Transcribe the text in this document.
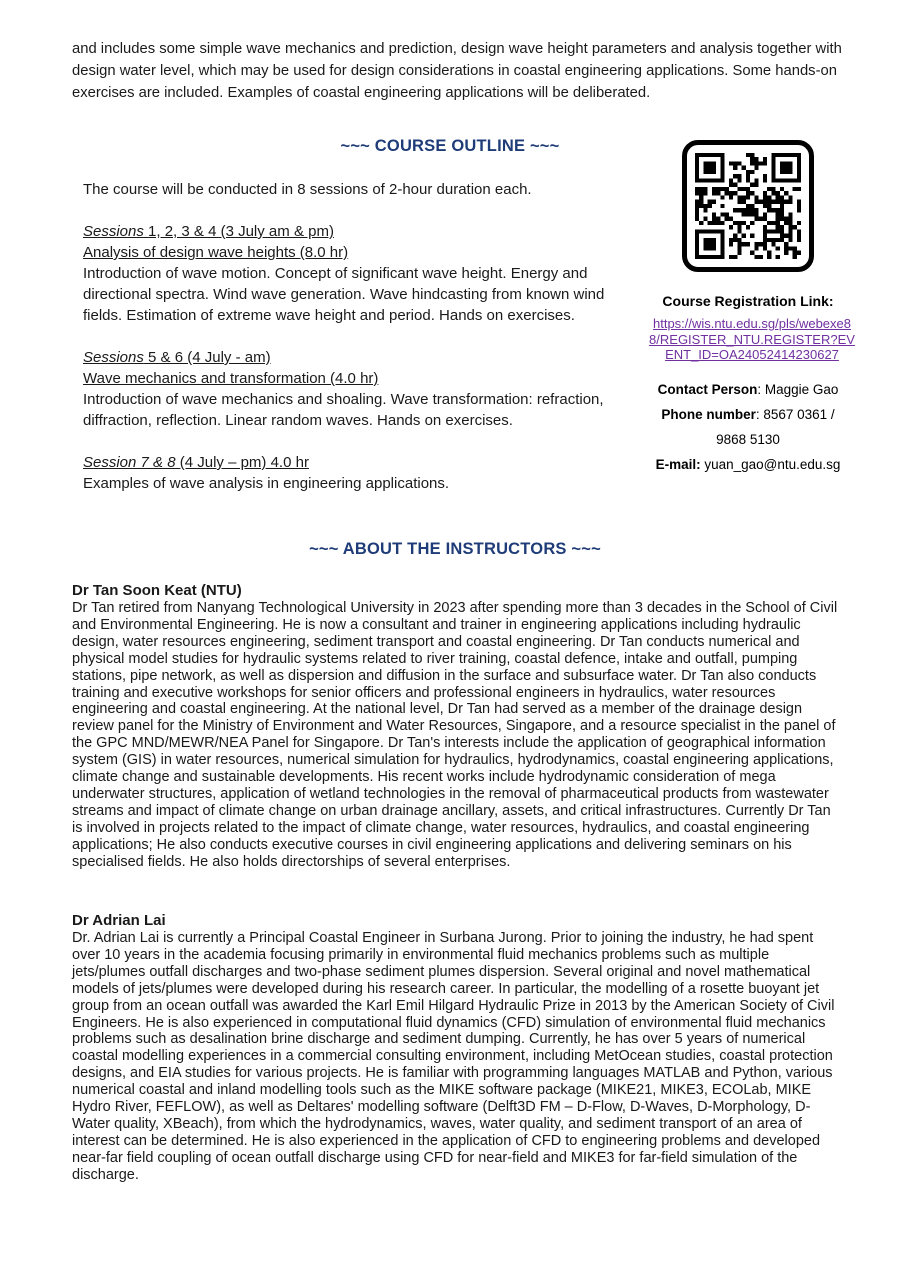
and includes some simple wave mechanics and prediction, design wave height parameters and analysis together with design water level, which may be used for design considerations in coastal engineering applications. Some hands-on exercises are included. Examples of coastal engineering applications will be deliberated.

~~~ COURSE OUTLINE ~~~

The course will be conducted in 8 sessions of 2-hour duration each.

Sessions 1, 2, 3 & 4 (3 July am & pm)
Analysis of design wave heights (8.0 hr)
Introduction of wave motion. Concept of significant wave height. Energy and directional spectra. Wind wave generation. Wave hindcasting from known wind fields. Estimation of extreme wave height and period. Hands on exercises.
Sessions 5 & 6 (4 July - am)
Wave mechanics and transformation (4.0 hr)
Introduction of wave mechanics and shoaling. Wave transformation: refraction, diffraction, reflection. Linear random waves. Hands on exercises.
Session 7 & 8 (4 July – pm) 4.0 hr
Examples of wave analysis in engineering applications.
Course Registration Link:
https://wis.ntu.edu.sg/pls/webexe88/REGISTER_NTU.REGISTER?EVENT_ID=OA24052414230627
Contact Person: Maggie Gao
Phone number: 8567 0361 /
9868 5130
E-mail: yuan_gao@ntu.edu.sg
~~~ ABOUT THE INSTRUCTORS ~~~
Dr Tan Soon Keat (NTU)
Dr Tan retired from Nanyang Technological University in 2023 after spending more than 3 decades in the School of Civil and Environmental Engineering. He is now a consultant and trainer in engineering applications including hydraulic design, water resources engineering, sediment transport and coastal engineering. Dr Tan conducts numerical and physical model studies for hydraulic systems related to river training, coastal defence, intake and outfall, pumping stations, pipe network, as well as dispersion and diffusion in the surface and subsurface water. Dr Tan also conducts training and executive workshops for senior officers and professional engineers in hydraulics, water resources engineering and coastal engineering. At the national level, Dr Tan had served as a member of the drainage design review panel for the Ministry of Environment and Water Resources, Singapore, and a resource specialist in the panel of the GPC MND/MEWR/NEA Panel for Singapore. Dr Tan's interests include the application of geographical information system (GIS) in water resources, numerical simulation for hydraulics, hydrodynamics, coastal engineering applications, climate change and sustainable developments. His recent works include hydrodynamic consideration of mega underwater structures, application of wetland technologies in the removal of pharmaceutical products from wastewater streams and impact of climate change on urban drainage ancillary, assets, and critical infrastructures. Currently Dr Tan is involved in projects related to the impact of climate change, water resources, hydraulics, and coastal engineering applications; He also conducts executive courses in civil engineering applications and delivering seminars on his specialised fields. He also holds directorships of several enterprises.
Dr Adrian Lai
Dr. Adrian Lai is currently a Principal Coastal Engineer in Surbana Jurong. Prior to joining the industry, he had spent over 10 years in the academia focusing primarily in environmental fluid mechanics problems such as multiple jets/plumes outfall discharges and two-phase sediment plumes dispersion. Several original and novel mathematical models of jets/plumes were developed during his research career. In particular, the modelling of a rosette buoyant jet group from an ocean outfall was awarded the Karl Emil Hilgard Hydraulic Prize in 2013 by the American Society of Civil Engineers. He is also experienced in computational fluid dynamics (CFD) simulation of environmental fluid mechanics problems such as desalination brine discharge and sediment dumping. Currently, he has over 5 years of numerical coastal modelling experiences in a commercial consulting environment, including MetOcean studies, coastal protection designs, and EIA studies for various projects. He is familiar with programming languages MATLAB and Python, various numerical coastal and inland modelling tools such as the MIKE software package (MIKE21, MIKE3, ECOLab, MIKE Hydro River, FEFLOW), as well as Deltares' modelling software (Delft3D FM – D-Flow, D-Waves, D-Morphology, D-Water quality, XBeach), from which the hydrodynamics, waves, water quality, and sediment transport of an area of interest can be determined. He is also experienced in the application of CFD to engineering problems and developed near-far field coupling of ocean outfall discharge using CFD for near-field and MIKE3 for far-field simulation of the discharge.
